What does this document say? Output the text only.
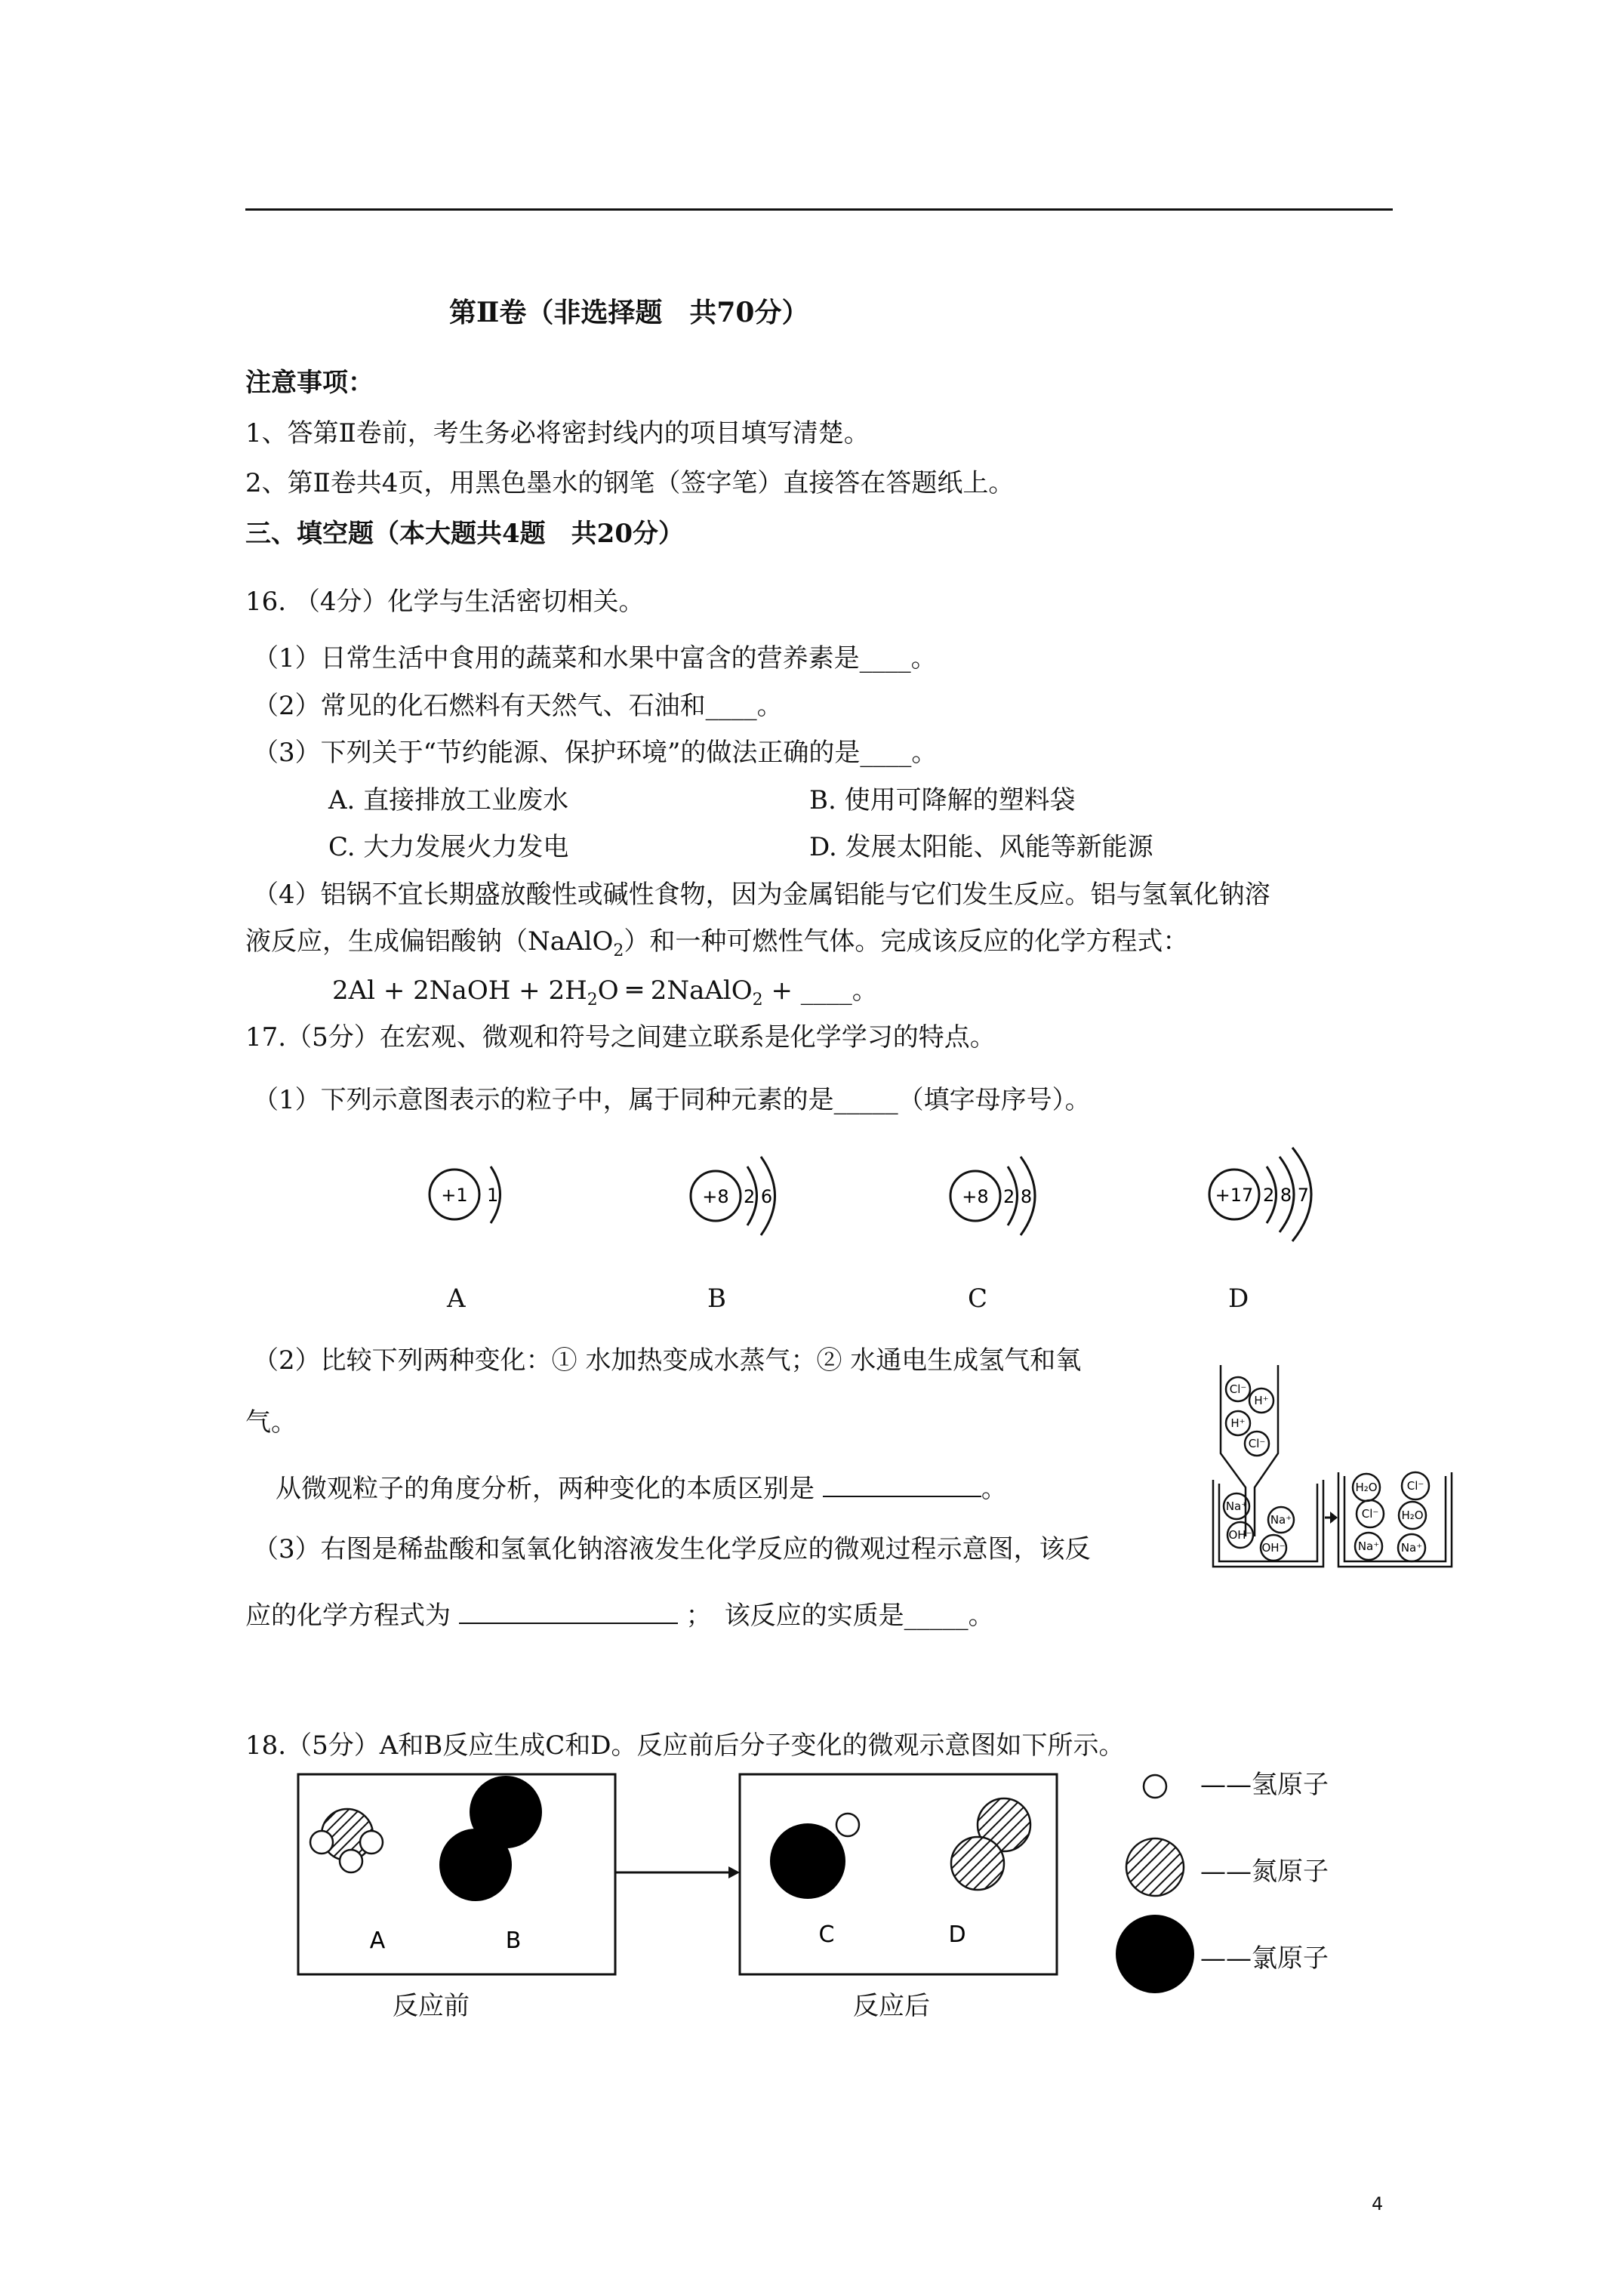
第Ⅱ卷（非选择题　共70分）
注意事项：
1、答第Ⅱ卷前，考生务必将密封线内的项目填写清楚。
2、第Ⅱ卷共4页，用黑色墨水的钢笔（签字笔）直接答在答题纸上。
三、填空题（本大题共4题　共20分）
16. （4分）化学与生活密切相关。
（1）日常生活中食用的蔬菜和水果中富含的营养素是____。
（2）常见的化石燃料有天然气、石油和____。
（3）下列关于“节约能源、保护环境”的做法正确的是____。
A. 直接排放工业废水	B. 使用可降解的塑料袋
C. 大力发展火力发电	D. 发展太阳能、风能等新能源
（4）铝锅不宜长期盛放酸性或碱性食物，因为金属铝能与它们发生反应。铝与氢氧化钠溶
液反应，生成偏铝酸钠（NaAlO$_2$）和一种可燃性气体。完成该反应的化学方程式：
2Al + 2NaOH + $2H_2O$ ═ 2NaAlO$_2$ + ____。
17.（5分）在宏观、微观和符号之间建立联系是化学学习的特点。
（1）下列示意图表示的粒子中，属于同种元素的是_____（填字母序号）。
+1 1	+8 2 6	+8 2 8	+17 2 8 7
A	B	C	D
（2）比较下列两种变化：① 水加热变成水蒸气；② 水通电生成氢气和氧
气。
从微观粒子的角度分析，两种变化的本质区别是	。
（3）右图是稀盐酸和氢氧化钠溶液发生化学反应的微观过程示意图，该反
应的化学方程式为	；　该反应的实质是_____。
Cl⁻
H⁺
H⁺
Cl⁻
Na⁺
Na⁺
OH⁻
OH⁻
H₂O	Cl⁻
Cl⁻ H₂O
Na⁺ Na⁺
18.（5分）A和B反应生成C和D。反应前后分子变化的微观示意图如下所示。
A	B	C	D
——氢原子
——氮原子
——氯原子
反应前	反应后
4
